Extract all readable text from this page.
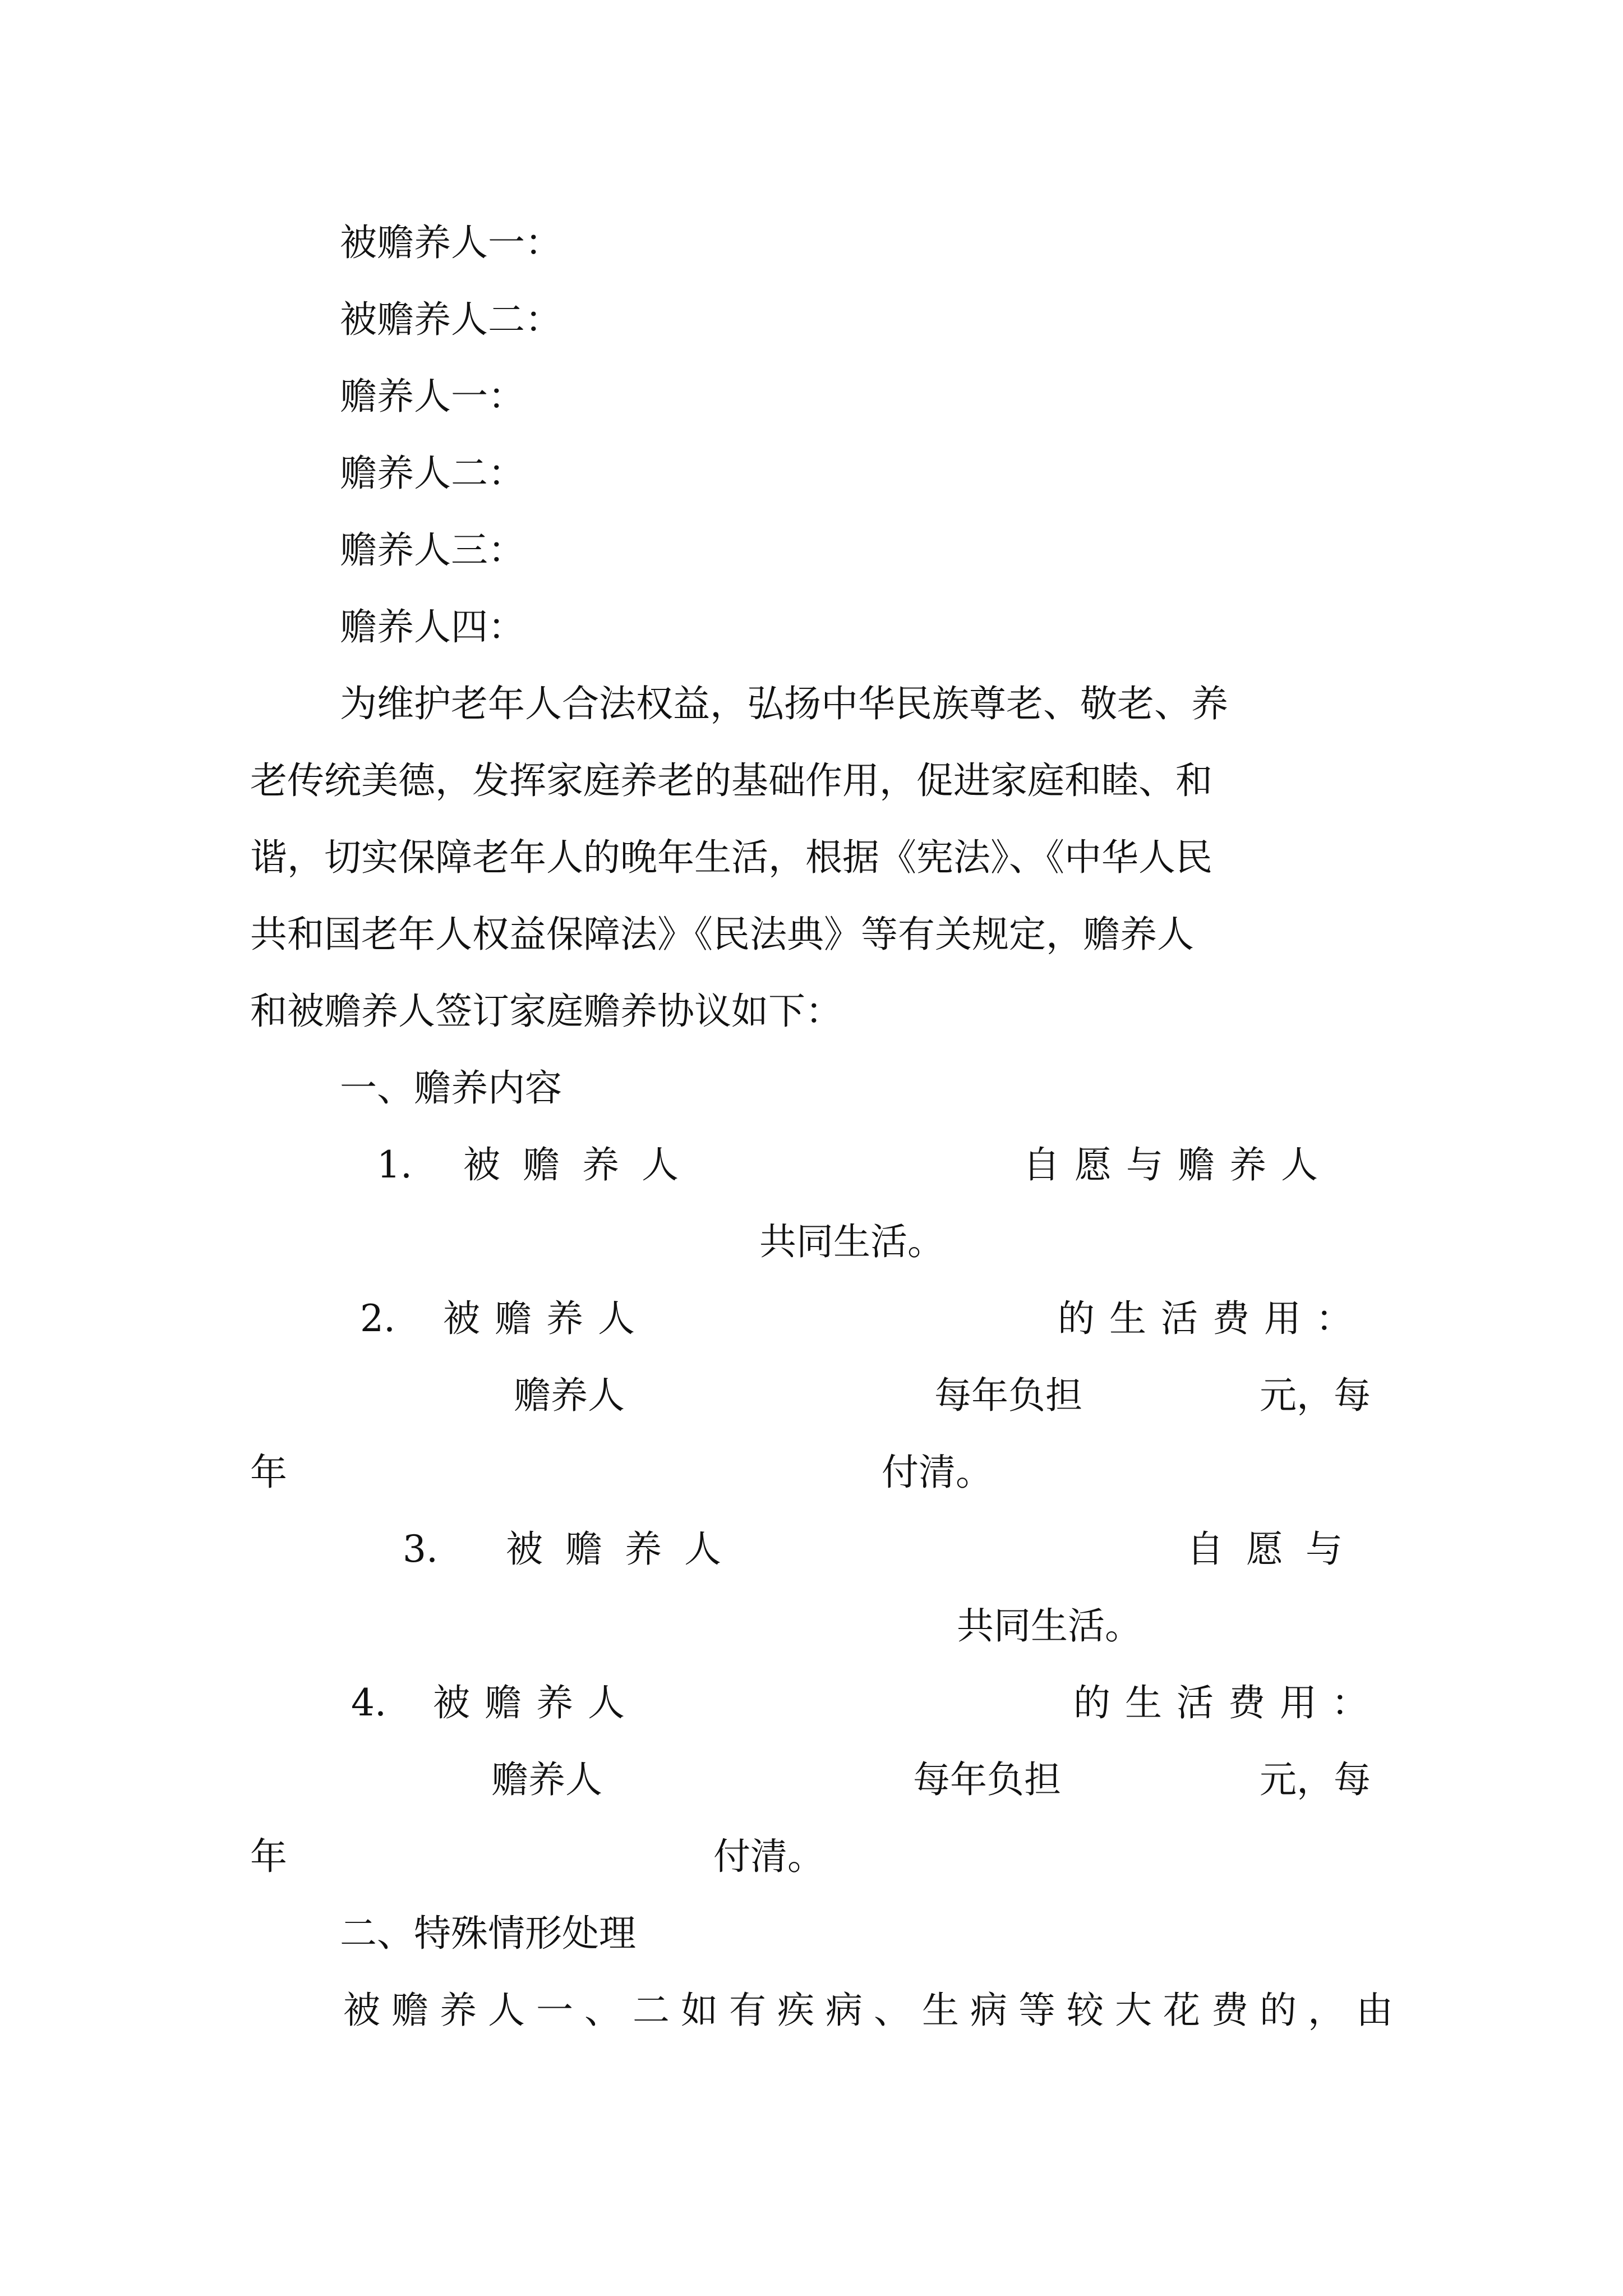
被赡养人一：

被赡养人二：

赡养人一：

赡养人二：

赡养人三：

赡养人四：

为维护老年人合法权益，弘扬中华民族尊老、敬老、养

老传统美德，发挥家庭养老的基础作用，促进家庭和睦、和

谐，切实保障老年人的晚年生活，根据《宪法》、《中华人民

共和国老年人权益保障法》《民法典》等有关规定，赡养人

和被赡养人签订家庭赡养协议如下：

一、赡养内容

1. 被赡养人	自愿与赡养人

共同生活。

2. 被赡养人	的生活费用：
赡养人	每年负担	元，每
年	付清。
3. 被赡养人	自愿与

共同生活。

4. 被赡养人	的生活费用：
赡养人	每年负担	元，每
年	付清。

二、特殊情形处理

被赡养人一、二如有疾病、生病等较大花费的，由
